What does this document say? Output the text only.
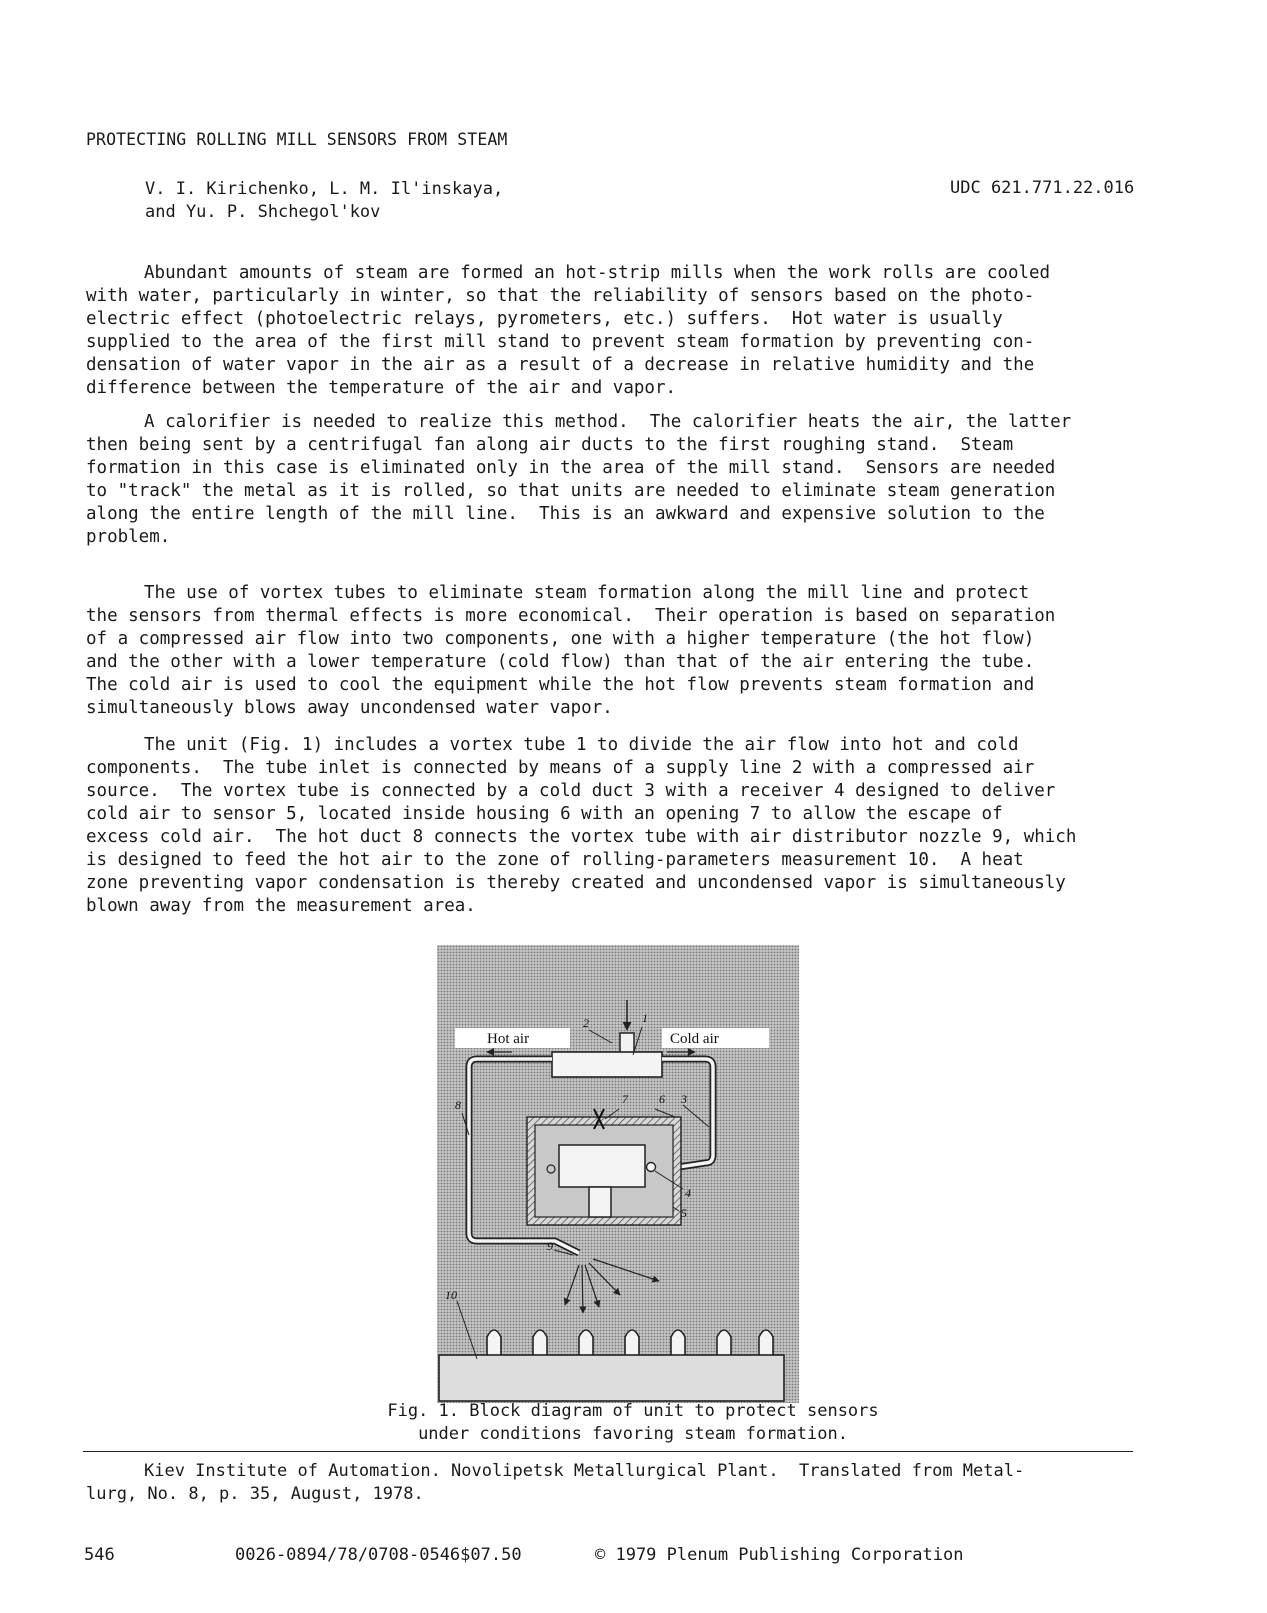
PROTECTING ROLLING MILL SENSORS FROM STEAM
V. I. Kirichenko, L. M. Il'inskaya,
and Yu. P. Shchegol'kov
UDC 621.771.22.016

Abundant amounts of steam are formed an hot-strip mills when the work rolls are cooled
with water, particularly in winter, so that the reliability of sensors based on the photo-
electric effect (photoelectric relays, pyrometers, etc.) suffers.  Hot water is usually
supplied to the area of the first mill stand to prevent steam formation by preventing con-
densation of water vapor in the air as a result of a decrease in relative humidity and the
difference between the temperature of the air and vapor.

A calorifier is needed to realize this method.  The calorifier heats the air, the latter
then being sent by a centrifugal fan along air ducts to the first roughing stand.  Steam
formation in this case is eliminated only in the area of the mill stand.  Sensors are needed
to "track" the metal as it is rolled, so that units are needed to eliminate steam generation
along the entire length of the mill line.  This is an awkward and expensive solution to the
problem.

The use of vortex tubes to eliminate steam formation along the mill line and protect
the sensors from thermal effects is more economical.  Their operation is based on separation
of a compressed air flow into two components, one with a higher temperature (the hot flow)
and the other with a lower temperature (cold flow) than that of the air entering the tube.
The cold air is used to cool the equipment while the hot flow prevents steam formation and
simultaneously blows away uncondensed water vapor.

The unit (Fig. 1) includes a vortex tube 1 to divide the air flow into hot and cold
components.  The tube inlet is connected by means of a supply line 2 with a compressed air
source.  The vortex tube is connected by a cold duct 3 with a receiver 4 designed to deliver
cold air to sensor 5, located inside housing 6 with an opening 7 to allow the escape of
excess cold air.  The hot duct 8 connects the vortex tube with air distributor nozzle 9, which
is designed to feed the hot air to the zone of rolling-parameters measurement 10.  A heat
zone preventing vapor condensation is thereby created and uncondensed vapor is simultaneously
blown away from the measurement area.

Hot air	Cold air
1
2
3
4
5
6
7
8
9
10
Fig. 1. Block diagram of unit to protect sensors
under conditions favoring steam formation.

Kiev Institute of Automation. Novolipetsk Metallurgical Plant.  Translated from Metal-
lurg, No. 8, p. 35, August, 1978.

546	0026-0894/78/0708-0546$07.50	© 1979 Plenum Publishing Corporation
